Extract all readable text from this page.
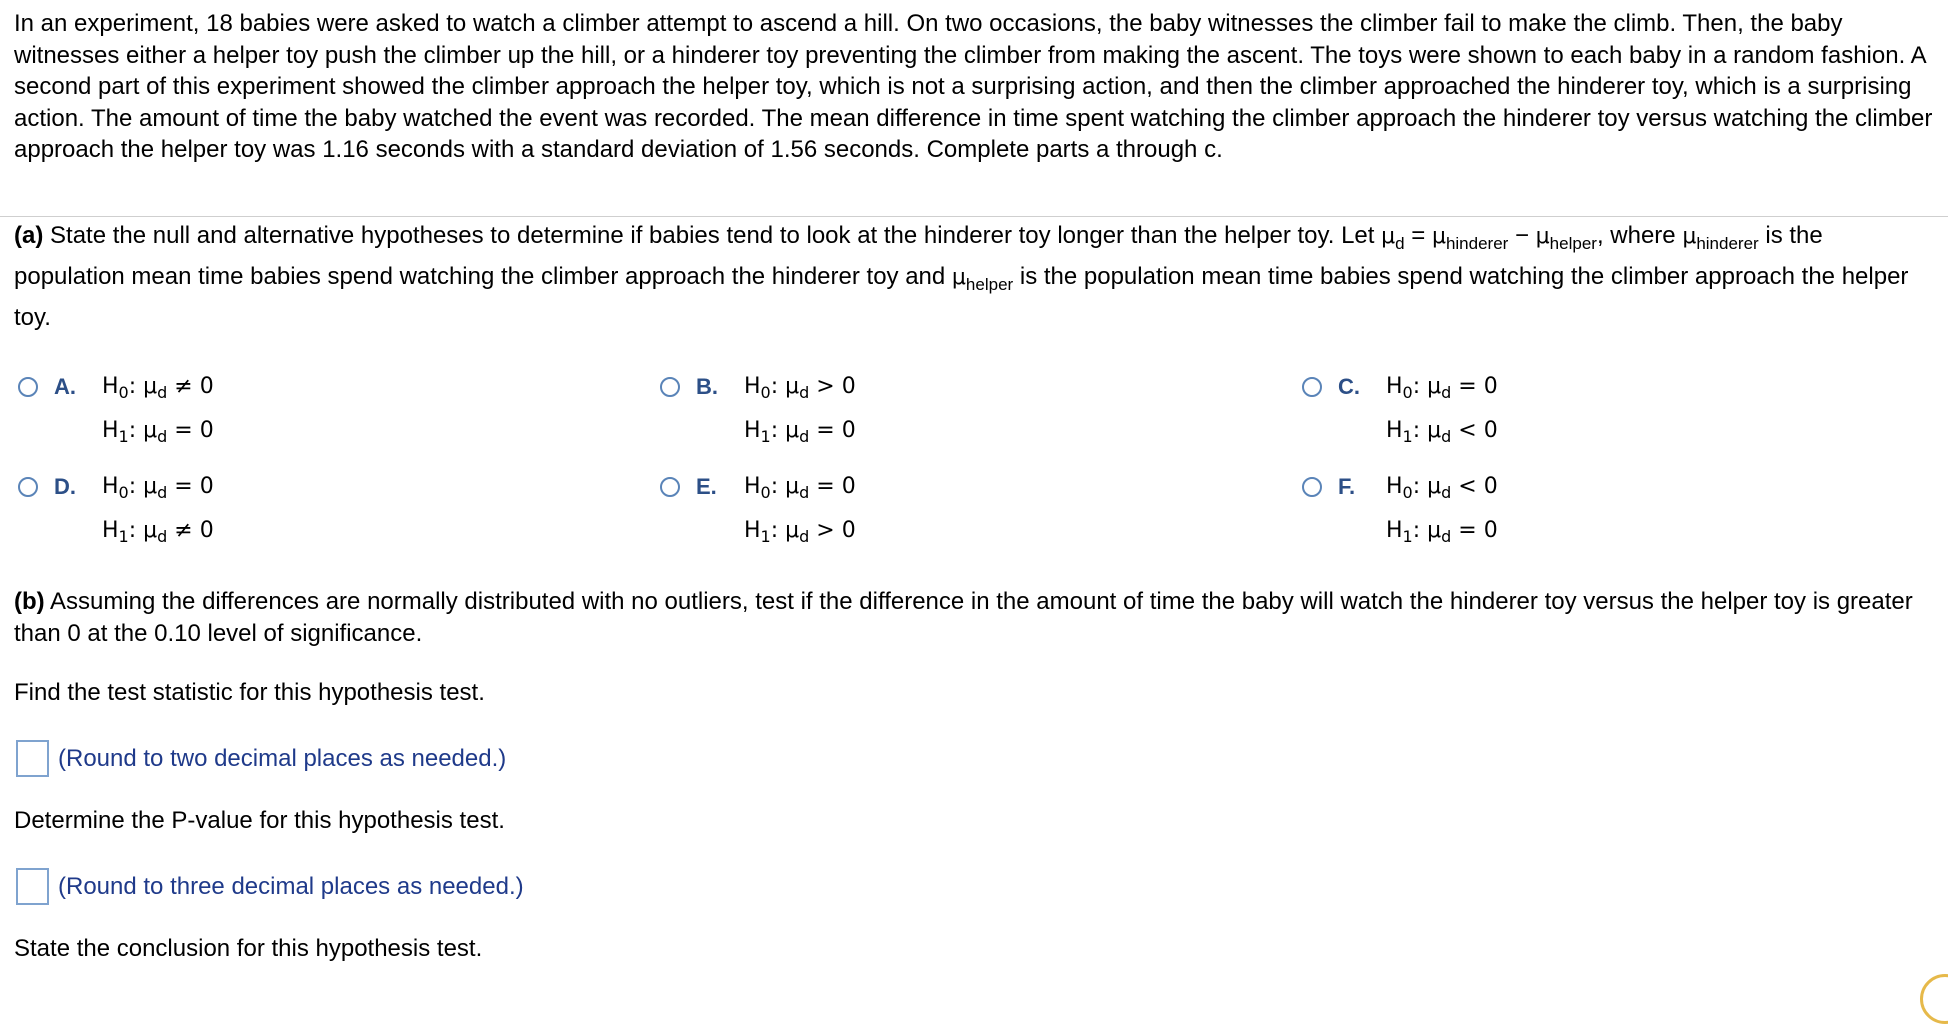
In an experiment, 18 babies were asked to watch a climber attempt to ascend a hill. On two occasions, the baby witnesses the climber fail to make the climb. Then, the baby witnesses either a helper toy push the climber up the hill, or a hinderer toy preventing the climber from making the ascent. The toys were shown to each baby in a random fashion. A second part of this experiment showed the climber approach the helper toy, which is not a surprising action, and then the climber approached the hinderer toy, which is a surprising action. The amount of time the baby watched the event was recorded. The mean difference in time spent watching the climber approach the hinderer toy versus watching the climber approach the helper toy was 1.16 seconds with a standard deviation of 1.56 seconds. Complete parts a through c.
(a) State the null and alternative hypotheses to determine if babies tend to look at the hinderer toy longer than the helper toy. Let $\mu_d = \mu_{hinderer} - \mu_{helper}$, where $\mu_{hinderer}$ is the population mean time babies spend watching the climber approach the hinderer toy and $\mu_{helper}$ is the population mean time babies spend watching the climber approach the helper toy.
A. $H_0$: $\mu_d \ne 0$
$H_1$: $\mu_d = 0$
B. $H_0$: $\mu_d > 0$
$H_1$: $\mu_d = 0$
C. $H_0$: $\mu_d = 0$
$H_1$: $\mu_d < 0$
D. $H_0$: $\mu_d = 0$
$H_1$: $\mu_d \ne 0$
E. $H_0$: $\mu_d = 0$
$H_1$: $\mu_d > 0$
F. $H_0$: $\mu_d < 0$
$H_1$: $\mu_d = 0$
(b) Assuming the differences are normally distributed with no outliers, test if the difference in the amount of time the baby will watch the hinderer toy versus the helper toy is greater than 0 at the 0.10 level of significance.
Find the test statistic for this hypothesis test.
(Round to two decimal places as needed.)
Determine the P-value for this hypothesis test.
(Round to three decimal places as needed.)
State the conclusion for this hypothesis test.
